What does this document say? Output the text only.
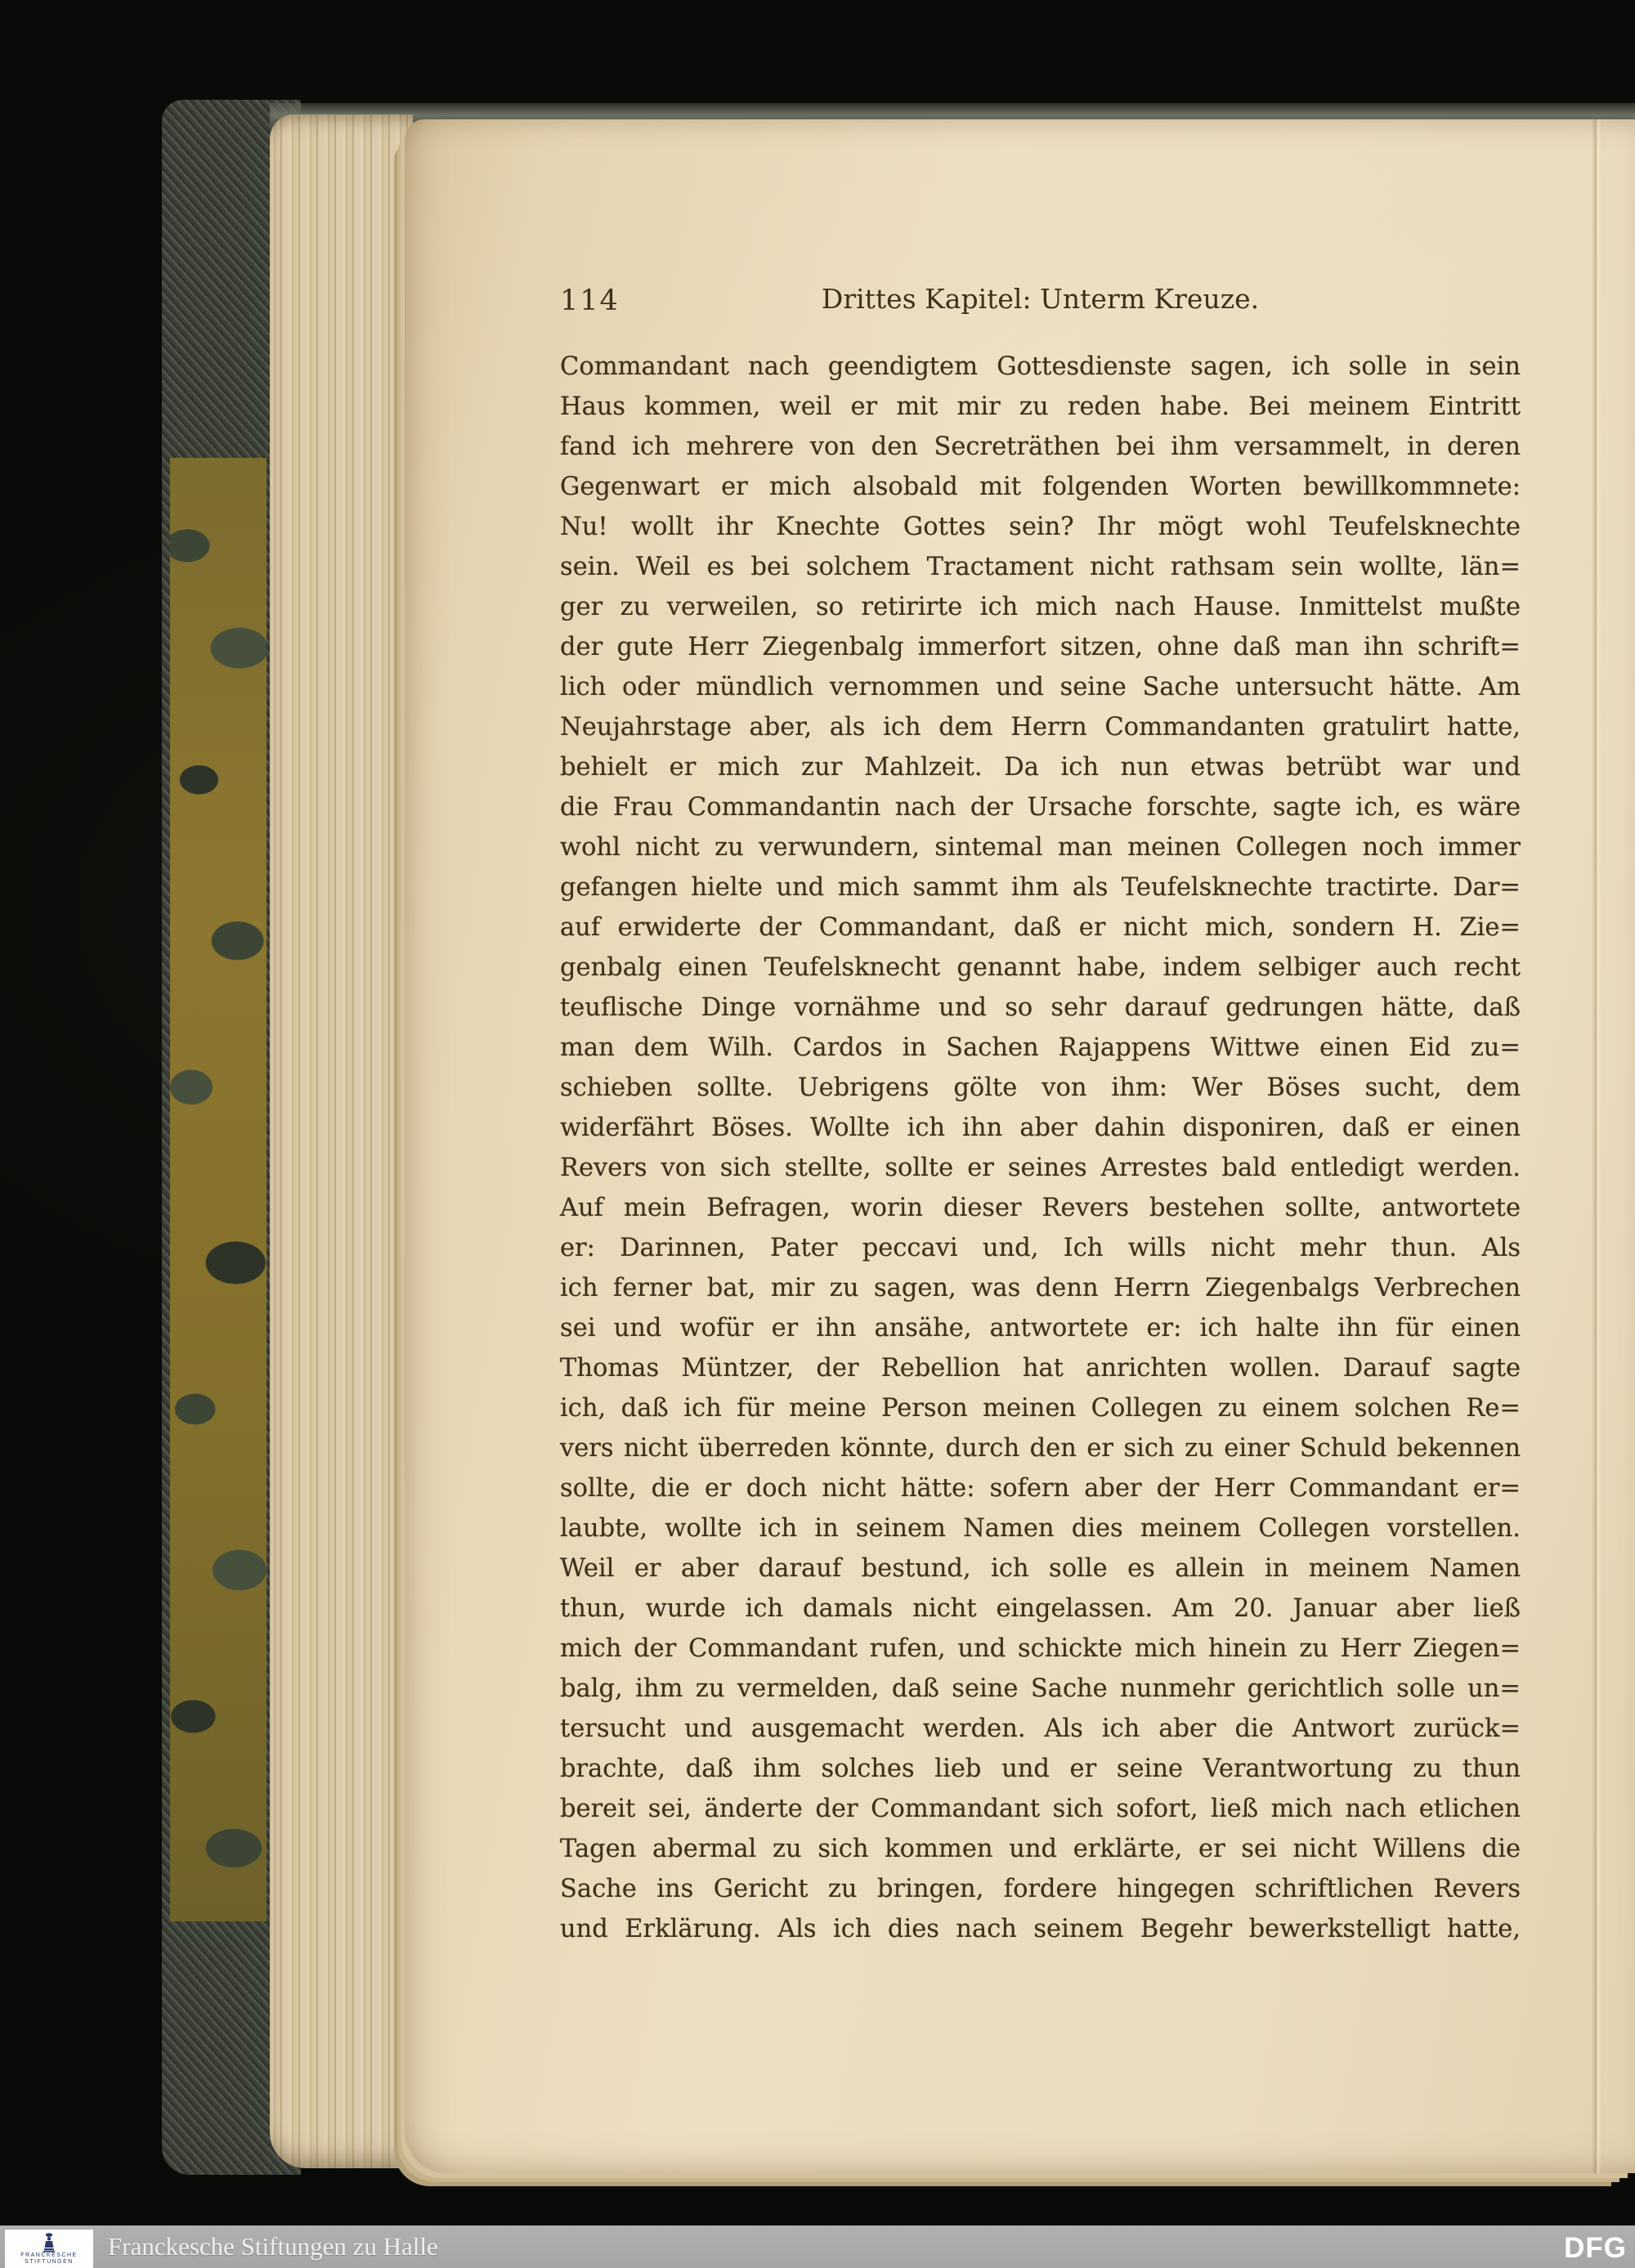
114	Drittes Kapitel: Unterm Kreuze.
Commandant nach geendigtem Gottesdienste sagen, ich solle in sein
Haus kommen, weil er mit mir zu reden habe. Bei meinem Eintritt
fand ich mehrere von den Secreträthen bei ihm versammelt, in deren
Gegenwart er mich alsobald mit folgenden Worten bewillkommnete:
Nu! wollt ihr Knechte Gottes sein? Ihr mögt wohl Teufelsknechte
sein. Weil es bei solchem Tractament nicht rathsam sein wollte, län=
ger zu verweilen, so retirirte ich mich nach Hause. Inmittelst mußte
der gute Herr Ziegenbalg immerfort sitzen, ohne daß man ihn schrift=
lich oder mündlich vernommen und seine Sache untersucht hätte. Am
Neujahrstage aber, als ich dem Herrn Commandanten gratulirt hatte,
behielt er mich zur Mahlzeit. Da ich nun etwas betrübt war und
die Frau Commandantin nach der Ursache forschte, sagte ich, es wäre
wohl nicht zu verwundern, sintemal man meinen Collegen noch immer
gefangen hielte und mich sammt ihm als Teufelsknechte tractirte. Dar=
auf erwiderte der Commandant, daß er nicht mich, sondern H. Zie=
genbalg einen Teufelsknecht genannt habe, indem selbiger auch recht
teuflische Dinge vornähme und so sehr darauf gedrungen hätte, daß
man dem Wilh. Cardos in Sachen Rajappens Wittwe einen Eid zu=
schieben sollte. Uebrigens gölte von ihm: Wer Böses sucht, dem
widerfährt Böses. Wollte ich ihn aber dahin disponiren, daß er einen
Revers von sich stellte, sollte er seines Arrestes bald entledigt werden.
Auf mein Befragen, worin dieser Revers bestehen sollte, antwortete
er: Darinnen, Pater peccavi und, Ich wills nicht mehr thun. Als
ich ferner bat, mir zu sagen, was denn Herrn Ziegenbalgs Verbrechen
sei und wofür er ihn ansähe, antwortete er: ich halte ihn für einen
Thomas Müntzer, der Rebellion hat anrichten wollen. Darauf sagte
ich, daß ich für meine Person meinen Collegen zu einem solchen Re=
vers nicht überreden könnte, durch den er sich zu einer Schuld bekennen
sollte, die er doch nicht hätte: sofern aber der Herr Commandant er=
laubte, wollte ich in seinem Namen dies meinem Collegen vorstellen.
Weil er aber darauf bestund, ich solle es allein in meinem Namen
thun, wurde ich damals nicht eingelassen. Am 20. Januar aber ließ
mich der Commandant rufen, und schickte mich hinein zu Herr Ziegen=
balg, ihm zu vermelden, daß seine Sache nunmehr gerichtlich solle un=
tersucht und ausgemacht werden. Als ich aber die Antwort zurück=
brachte, daß ihm solches lieb und er seine Verantwortung zu thun
bereit sei, änderte der Commandant sich sofort, ließ mich nach etlichen
Tagen abermal zu sich kommen und erklärte, er sei nicht Willens die
Sache ins Gericht zu bringen, fordere hingegen schriftlichen Revers
und Erklärung. Als ich dies nach seinem Begehr bewerkstelligt hatte,
FRANCKESCHE
STIFTUNGEN
Franckesche Stiftungen zu Halle	DFG
